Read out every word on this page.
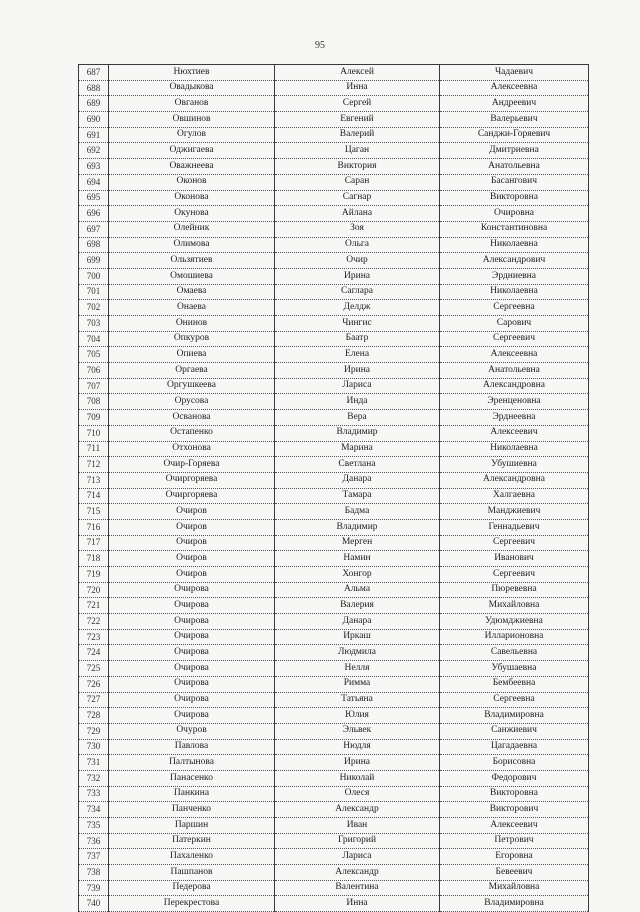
95
687	Нюхтиев	Алексей	Чадаевич
688	Овадыкова	Инна	Алексеевна
689	Овганов	Сергей	Андреевич
690	Овшинов	Евгений	Валерьевич
691	Огулов	Валерий	Санджи-Горяевич
692	Оджигаева	Цаган	Дмитриевна
693	Оважнеева	Виктория	Анатольевна
694	Оконов	Саран	Басангович
695	Оконова	Сагнар	Викторовна
696	Окунова	Айлана	Очировна
697	Олейник	Зоя	Константиновна
698	Олимова	Ольга	Николаевна
699	Ользятиев	Очир	Александрович
700	Омошиева	Ирина	Эрдниевна
701	Омаева	Саглара	Николаевна
702	Онаева	Делдж	Сергеевна
703	Онинов	Чингис	Сарович
704	Опкуров	Баатр	Сергеевич
705	Опиева	Елена	Алексеевна
706	Оргаева	Ирина	Анатольевна
707	Оргушкеева	Лариса	Александровна
708	Орусова	Инда	Эренценовна
709	Осванова	Вера	Эрднеевна
710	Остапенко	Владимир	Алексеевич
711	Отхонова	Марина	Николаевна
712	Очир-Горяева	Светлана	Убушиевна
713	Очиргоряева	Данара	Александровна
714	Очиргоряева	Тамара	Халгаевна
715	Очиров	Бадма	Манджиевич
716	Очиров	Владимир	Геннадьевич
717	Очиров	Мерген	Сергеевич
718	Очиров	Намин	Иванович
719	Очиров	Хонгор	Сергеевич
720	Очирова	Альма	Пюревевна
721	Очирова	Валерия	Михайловна
722	Очирова	Данара	Удюмджиевна
723	Очирова	Иркаш	Илларионовна
724	Очирова	Людмила	Савельевна
725	Очирова	Нелля	Убушаевна
726	Очирова	Римма	Бембеевна
727	Очирова	Татьяна	Сергеевна
728	Очирова	Юлия	Владимировна
729	Очуров	Эльвек	Санжиевич
730	Павлова	Нюдля	Цагадаевна
731	Палтынова	Ирина	Борисовна
732	Панасенко	Николай	Федорович
733	Панкина	Олеся	Викторовна
734	Панченко	Александр	Викторович
735	Паршин	Иван	Алексеевич
736	Патеркин	Григорий	Петрович
737	Пахаленко	Лариса	Егоровна
738	Пашпанов	Александр	Бевеевич
739	Педерова	Валентина	Михайловна
740	Перекрестова	Инна	Владимировна
